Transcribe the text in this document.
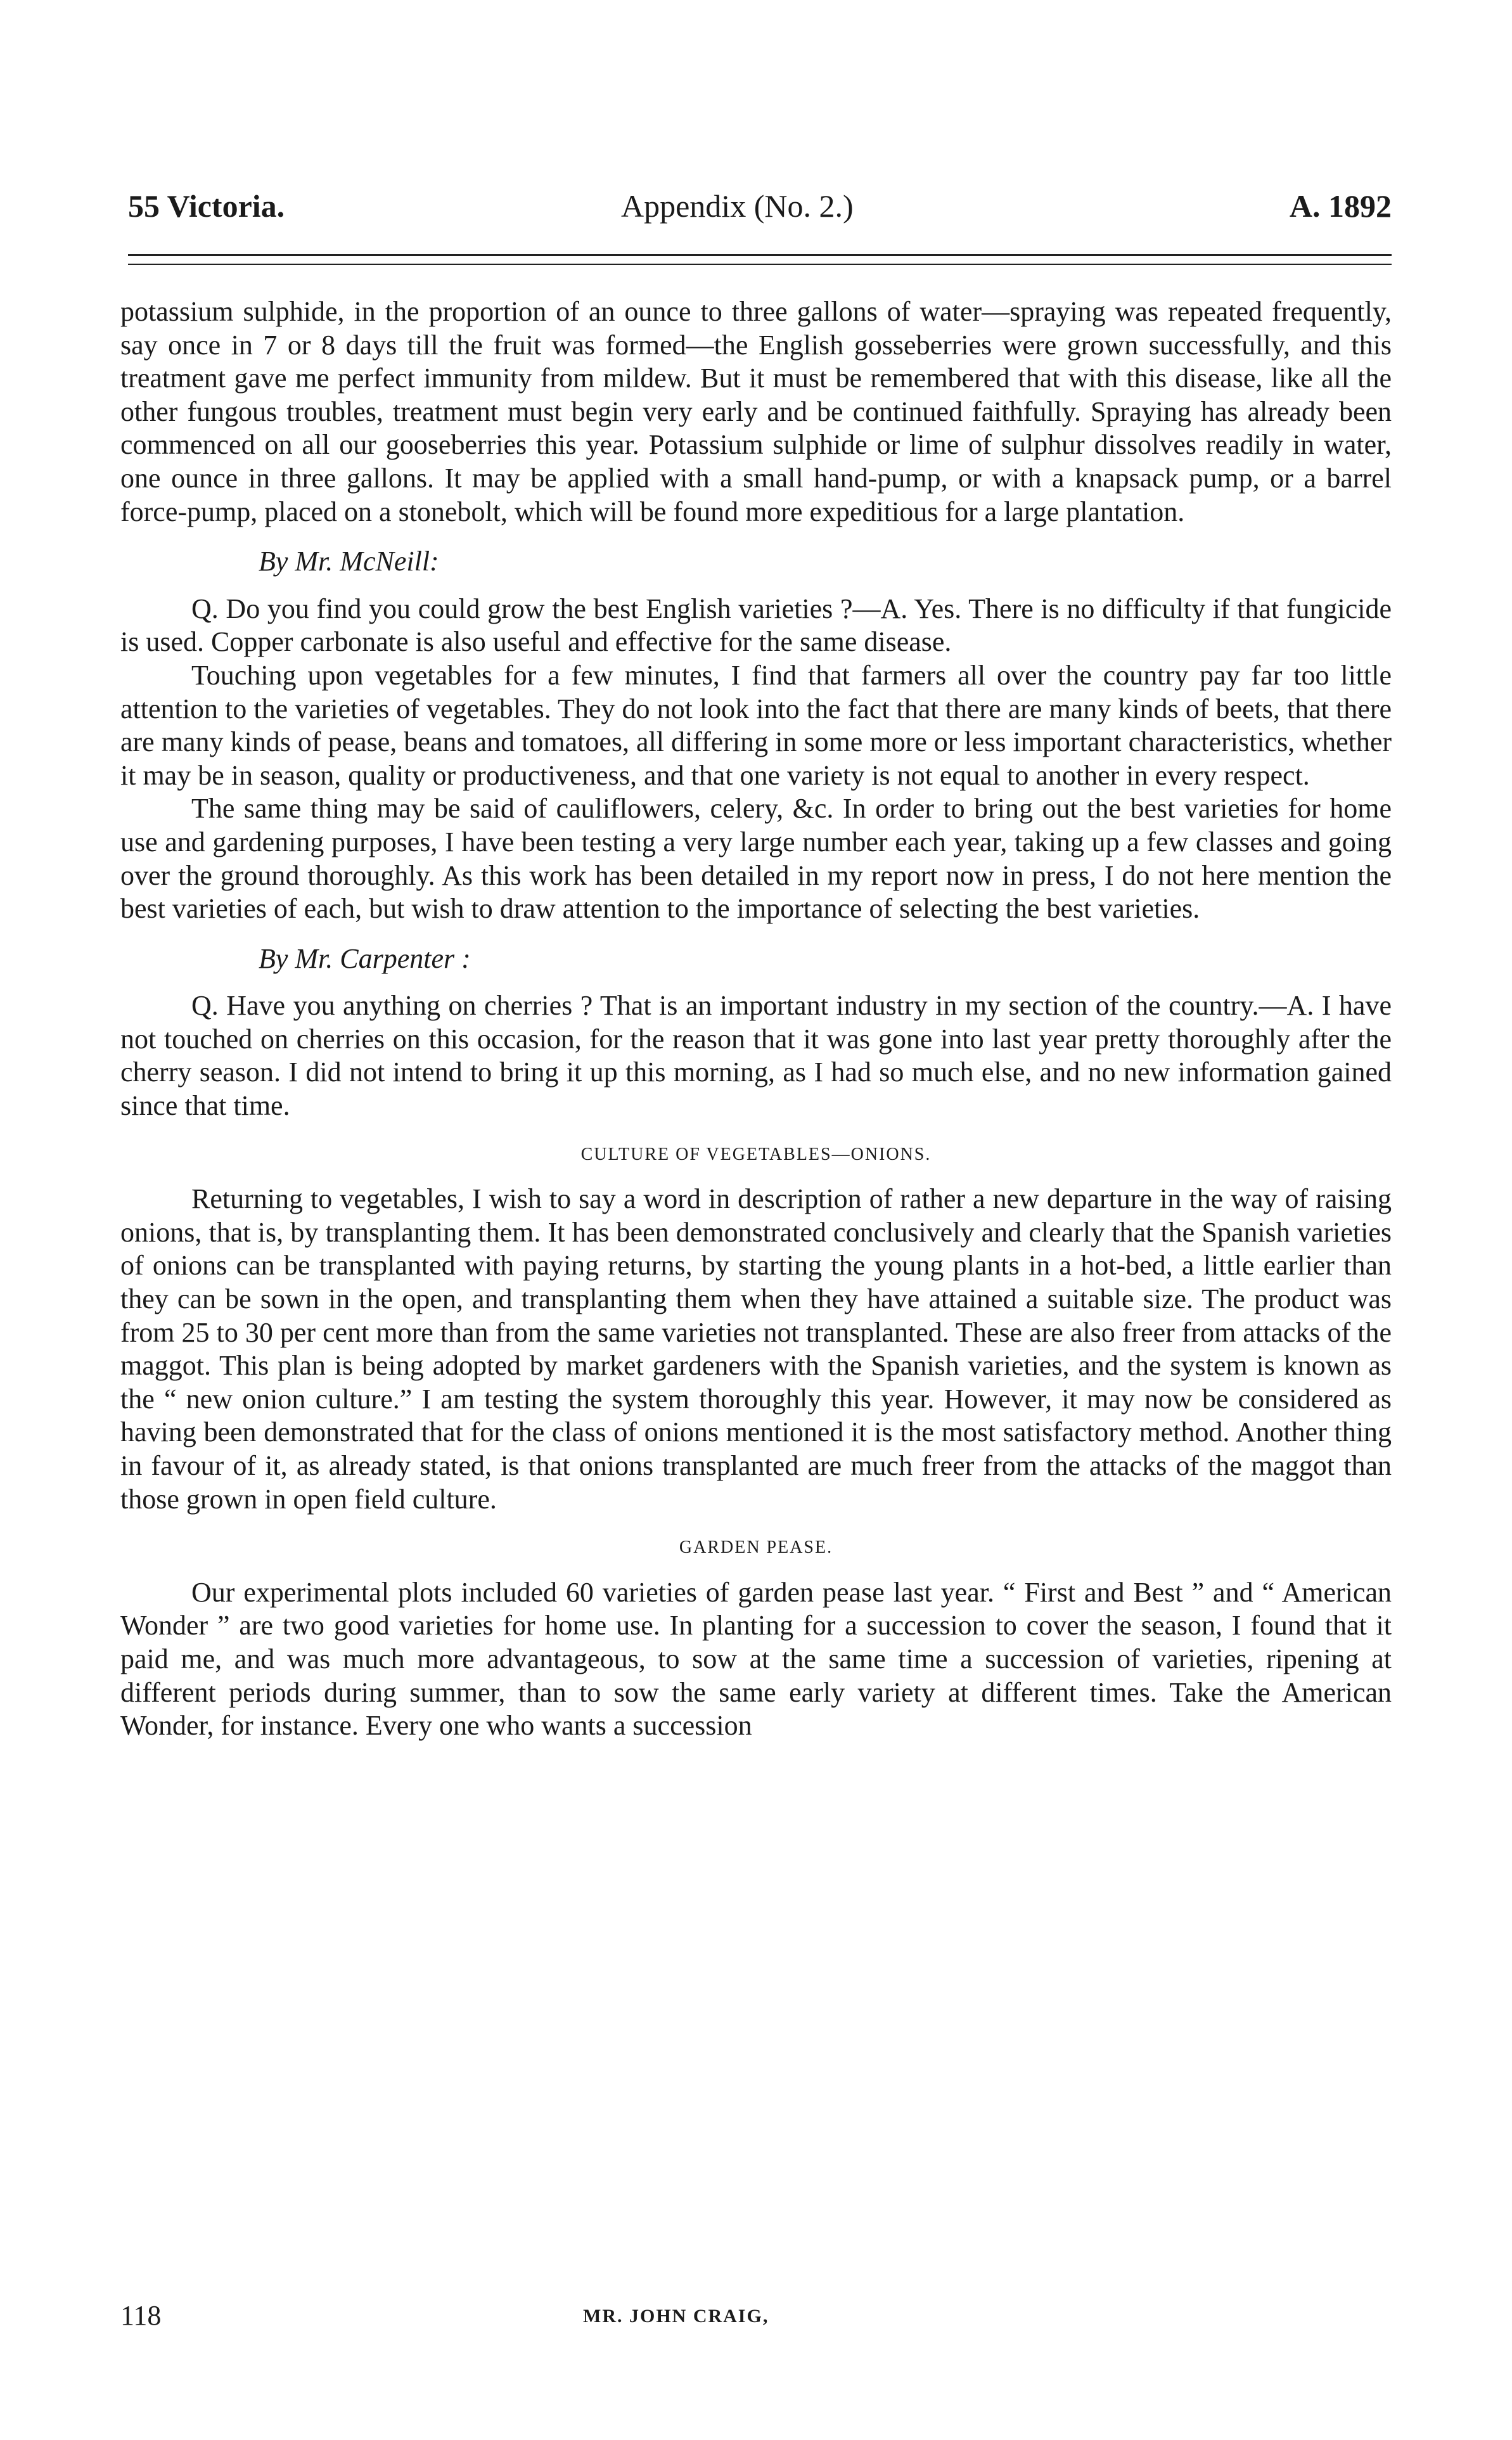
55 Victoria.	Appendix (No. 2.)	A. 1892

potassium sulphide, in the proportion of an ounce to three gallons of water—spraying was repeated frequently, say once in 7 or 8 days till the fruit was formed—the English gosseberries were grown successfully, and this treatment gave me perfect immunity from mildew. But it must be remembered that with this disease, like all the other fungous troubles, treatment must begin very early and be continued faithfully. Spraying has already been commenced on all our gooseberries this year. Potassium sulphide or lime of sulphur dissolves readily in water, one ounce in three gallons. It may be applied with a small hand-pump, or with a knapsack pump, or a barrel force-pump, placed on a stonebolt, which will be found more expeditious for a large plantation.

By Mr. McNeill:

Q. Do you find you could grow the best English varieties ?—A. Yes. There is no difficulty if that fungicide is used. Copper carbonate is also useful and effective for the same disease.

Touching upon vegetables for a few minutes, I find that farmers all over the country pay far too little attention to the varieties of vegetables. They do not look into the fact that there are many kinds of beets, that there are many kinds of pease, beans and tomatoes, all differing in some more or less important characteristics, whether it may be in season, quality or productiveness, and that one variety is not equal to another in every respect.

The same thing may be said of cauliflowers, celery, &c. In order to bring out the best varieties for home use and gardening purposes, I have been testing a very large number each year, taking up a few classes and going over the ground thoroughly. As this work has been detailed in my report now in press, I do not here mention the best varieties of each, but wish to draw attention to the importance of selecting the best varieties.

By Mr. Carpenter :

Q. Have you anything on cherries ? That is an important industry in my section of the country.—A. I have not touched on cherries on this occasion, for the reason that it was gone into last year pretty thoroughly after the cherry season. I did not intend to bring it up this morning, as I had so much else, and no new information gained since that time.

CULTURE OF VEGETABLES—ONIONS.

Returning to vegetables, I wish to say a word in description of rather a new departure in the way of raising onions, that is, by transplanting them. It has been demonstrated conclusively and clearly that the Spanish varieties of onions can be transplanted with paying returns, by starting the young plants in a hot-bed, a little earlier than they can be sown in the open, and transplanting them when they have attained a suitable size. The product was from 25 to 30 per cent more than from the same varieties not transplanted. These are also freer from attacks of the maggot. This plan is being adopted by market gardeners with the Spanish varieties, and the system is known as the “ new onion culture.” I am testing the system thoroughly this year. However, it may now be considered as having been demonstrated that for the class of onions mentioned it is the most satisfactory method. Another thing in favour of it, as already stated, is that onions transplanted are much freer from the attacks of the maggot than those grown in open field culture.

GARDEN PEASE.

Our experimental plots included 60 varieties of garden pease last year. “ First and Best ” and “ American Wonder ” are two good varieties for home use. In planting for a succession to cover the season, I found that it paid me, and was much more advantageous, to sow at the same time a succession of varieties, ripening at different periods during summer, than to sow the same early variety at different times. Take the American Wonder, for instance. Every one who wants a succession

118	MR. JOHN CRAIG,
